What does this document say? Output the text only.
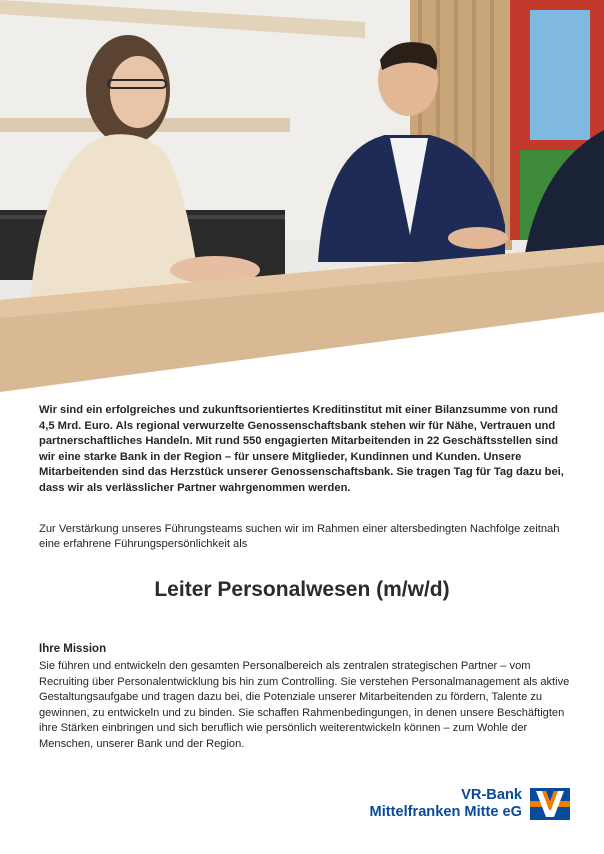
Wir sind ein erfolgreiches und zukunftsorientiertes Kreditinstitut mit einer Bilanzsumme von rund 4,5 Mrd. Euro. Als regional verwurzelte Genossenschaftsbank stehen wir für Nähe, Vertrauen und partnerschaftliches Handeln. Mit rund 550 engagierten Mitarbeitenden in 22 Geschäftsstellen sind wir eine starke Bank in der Region – für unsere Mitglieder, Kundinnen und Kunden. Unsere Mitarbeitenden sind das Herzstück unserer Genossenschaftsbank. Sie tragen Tag für Tag dazu bei, dass wir als verlässlicher Partner wahrgenommen werden.

Zur Verstärkung unseres Führungsteams suchen wir im Rahmen einer altersbedingten Nachfolge zeitnah eine erfahrene Führungspersönlichkeit als

Leiter Personalwesen (m/w/d)
Ihre Mission

Sie führen und entwickeln den gesamten Personalbereich als zentralen strategischen Partner – vom Recruiting über Personalentwicklung bis hin zum Controlling. Sie verstehen Personalmanagement als aktive Gestaltungsaufgabe und tragen dazu bei, die Potenziale unserer Mitarbeitenden zu fördern, Talente zu gewinnen, zu entwickeln und zu binden. Sie schaffen Rahmenbedingungen, in denen unsere Beschäftigten ihre Stärken einbringen und sich beruflich wie persönlich weiterentwickeln können – zum Wohle der Menschen, unserer Bank und der Region.

VR-Bank
Mittelfranken Mitte eG
